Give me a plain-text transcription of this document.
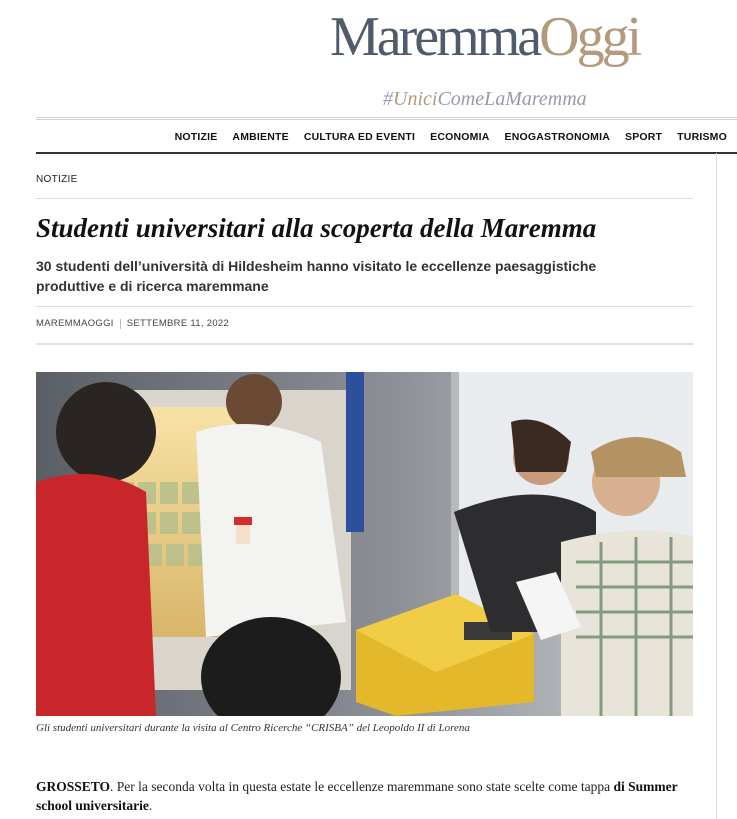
MaremmaOggi
#UniciComeLaMaremma
NOTIZIE AMBIENTE CULTURA ED EVENTI ECONOMIA ENOGASTRONOMIA SPORT TURISMO
NOTIZIE
Studenti universitari alla scoperta della Maremma
30 studenti dell’università di Hildesheim hanno visitato le eccellenze paesaggistiche produttive e di ricerca maremmane
MAREMMAOGGI SETTEMBRE 11, 2022
Gli studenti universitari durante la visita al Centro Ricerche “CRISBA” del Leopoldo II di Lorena

GROSSETO. Per la seconda volta in questa estate le eccellenze maremmane sono state scelte come tappa di Summer school universitarie.
